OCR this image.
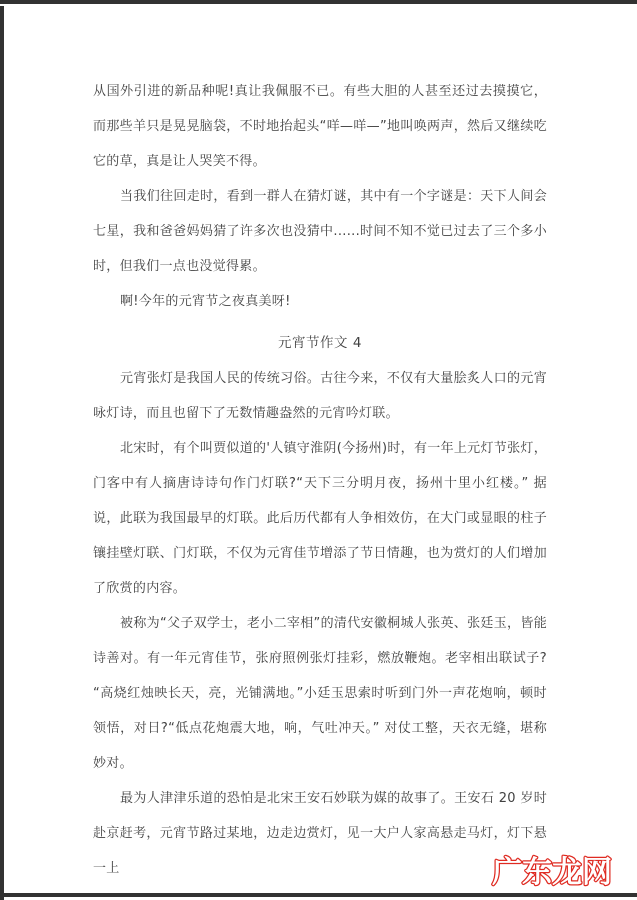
从国外引进的新品种呢!真让我佩服不已。有些大胆的人甚至还过去摸摸它，而那些羊只是晃晃脑袋，不时地抬起头“咩—咩—”地叫唤两声，然后又继续吃它的草，真是让人哭笑不得。

当我们往回走时，看到一群人在猜灯谜，其中有一个字谜是：天下人间会七星，我和爸爸妈妈猜了许多次也没猜中......时间不知不觉已过去了三个多小时，但我们一点也没觉得累。

啊!今年的元宵节之夜真美呀!

元宵节作文 4

元宵张灯是我国人民的传统习俗。古往今来，不仅有大量脍炙人口的元宵咏灯诗，而且也留下了无数情趣盎然的元宵吟灯联。

北宋时，有个叫贾似道的'人镇守淮阴(今扬州)时，有一年上元灯节张灯，门客中有人摘唐诗诗句作门灯联?“天下三分明月夜，扬州十里小红楼。” 据说，此联为我国最早的灯联。此后历代都有人争相效仿，在大门或显眼的柱子镶挂壁灯联、门灯联，不仅为元宵佳节增添了节日情趣，也为赏灯的人们增加了欣赏的内容。

被称为“父子双学士，老小二宰相”的清代安徽桐城人张英、张廷玉，皆能诗善对。有一年元宵佳节，张府照例张灯挂彩，燃放鞭炮。老宰相出联试子?“高烧红烛映长天，亮，光铺满地。”小廷玉思索时听到门外一声花炮响，顿时领悟，对日?“低点花炮震大地，响，气吐冲天。” 对仗工整，天衣无缝，堪称妙对。

最为人津津乐道的恐怕是北宋王安石妙联为媒的故事了。王安石 20 岁时赴京赶考，元宵节路过某地，边走边赏灯，见一大户人家高悬走马灯，灯下悬一上	广东龙网
